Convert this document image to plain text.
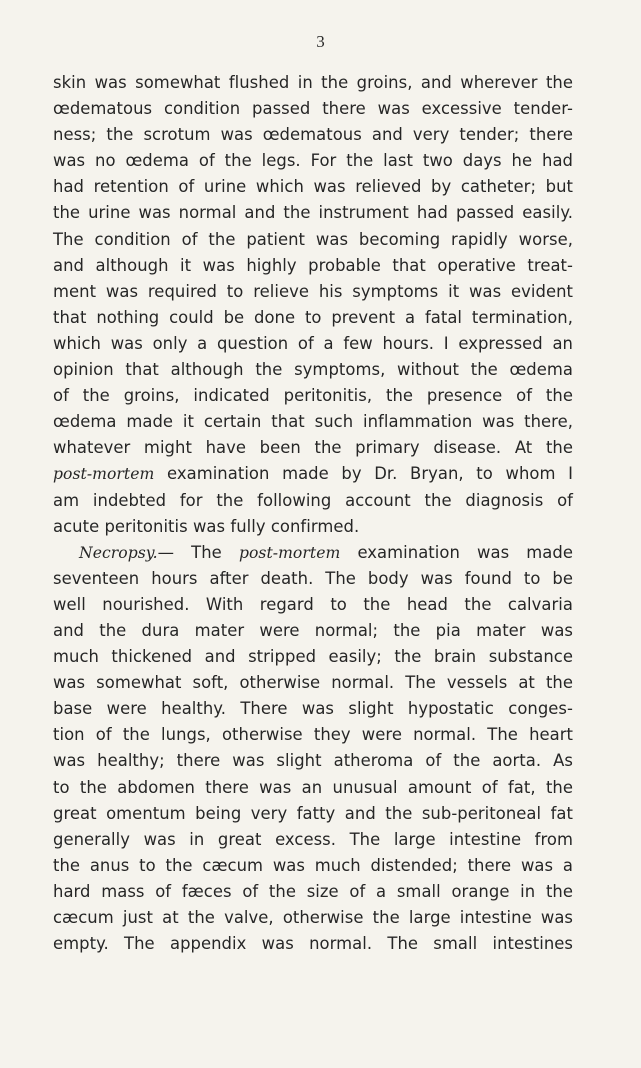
3

skin was somewhat flushed in the groins, and wherever the

œdematous condition passed there was excessive tender-

ness; the scrotum was œdematous and very tender; there

was no œdema of the legs. For the last two days he had

had retention of urine which was relieved by catheter; but

the urine was normal and the instrument had passed easily.

The condition of the patient was becoming rapidly worse,

and although it was highly probable that operative treat-

ment was required to relieve his symptoms it was evident

that nothing could be done to prevent a fatal termination,

which was only a question of a few hours. I expressed an

opinion that although the symptoms, without the œdema

of the groins, indicated peritonitis, the presence of the

œdema made it certain that such inflammation was there,

whatever might have been the primary disease. At the

post-mortem examination made by Dr. Bryan, to whom I

am indebted for the following account the diagnosis of

acute peritonitis was fully confirmed.

Necropsy.— The post-mortem examination was made

seventeen hours after death. The body was found to be

well nourished. With regard to the head the calvaria

and the dura mater were normal; the pia mater was

much thickened and stripped easily; the brain substance

was somewhat soft, otherwise normal. The vessels at the

base were healthy. There was slight hypostatic conges-

tion of the lungs, otherwise they were normal. The heart

was healthy; there was slight atheroma of the aorta. As

to the abdomen there was an unusual amount of fat, the

great omentum being very fatty and the sub-peritoneal fat

generally was in great excess. The large intestine from

the anus to the cæcum was much distended; there was a

hard mass of fæces of the size of a small orange in the

cæcum just at the valve, otherwise the large intestine was

empty. The appendix was normal. The small intestines
